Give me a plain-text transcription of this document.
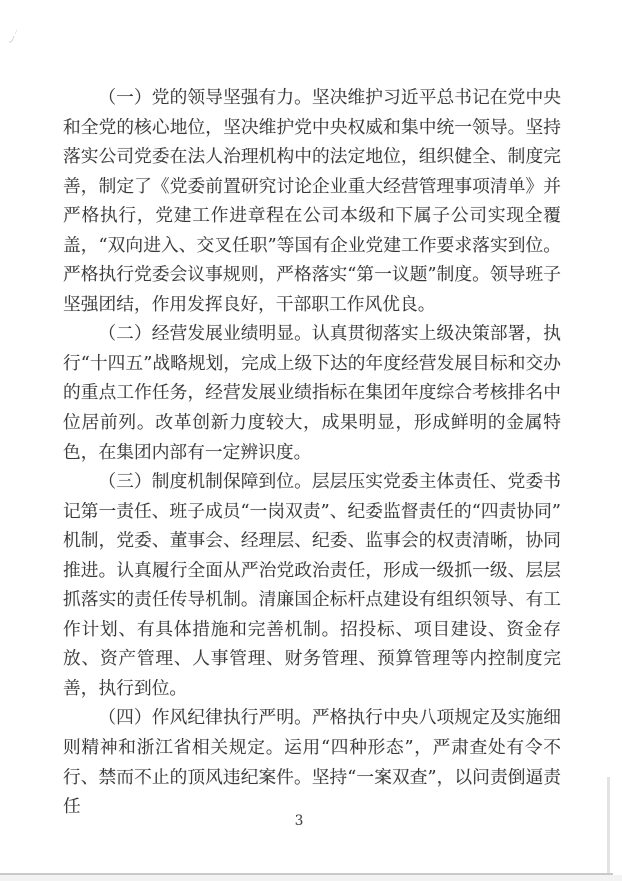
（一）党的领导坚强有力。坚决维护习近平总书记在党中央和全党的核心地位，坚决维护党中央权威和集中统一领导。坚持落实公司党委在法人治理机构中的法定地位，组织健全、制度完善，制定了《党委前置研究讨论企业重大经营管理事项清单》并严格执行，党建工作进章程在公司本级和下属子公司实现全覆盖，“双向进入、交叉任职”等国有企业党建工作要求落实到位。严格执行党委会议事规则，严格落实“第一议题”制度。领导班子坚强团结，作用发挥良好，干部职工作风优良。

（二）经营发展业绩明显。认真贯彻落实上级决策部署，执行“十四五”战略规划，完成上级下达的年度经营发展目标和交办的重点工作任务，经营发展业绩指标在集团年度综合考核排名中位居前列。改革创新力度较大，成果明显，形成鲜明的金属特色，在集团内部有一定辨识度。

（三）制度机制保障到位。层层压实党委主体责任、党委书记第一责任、班子成员“一岗双责”、纪委监督责任的“四责协同”机制，党委、董事会、经理层、纪委、监事会的权责清晰，协同推进。认真履行全面从严治党政治责任，形成一级抓一级、层层抓落实的责任传导机制。清廉国企标杆点建设有组织领导、有工作计划、有具体措施和完善机制。招投标、项目建设、资金存放、资产管理、人事管理、财务管理、预算管理等内控制度完善，执行到位。

（四）作风纪律执行严明。严格执行中央八项规定及实施细则精神和浙江省相关规定。运用“四种形态”，严肃查处有令不行、禁而不止的顶风违纪案件。坚持“一案双查”，以问责倒逼责任

3
